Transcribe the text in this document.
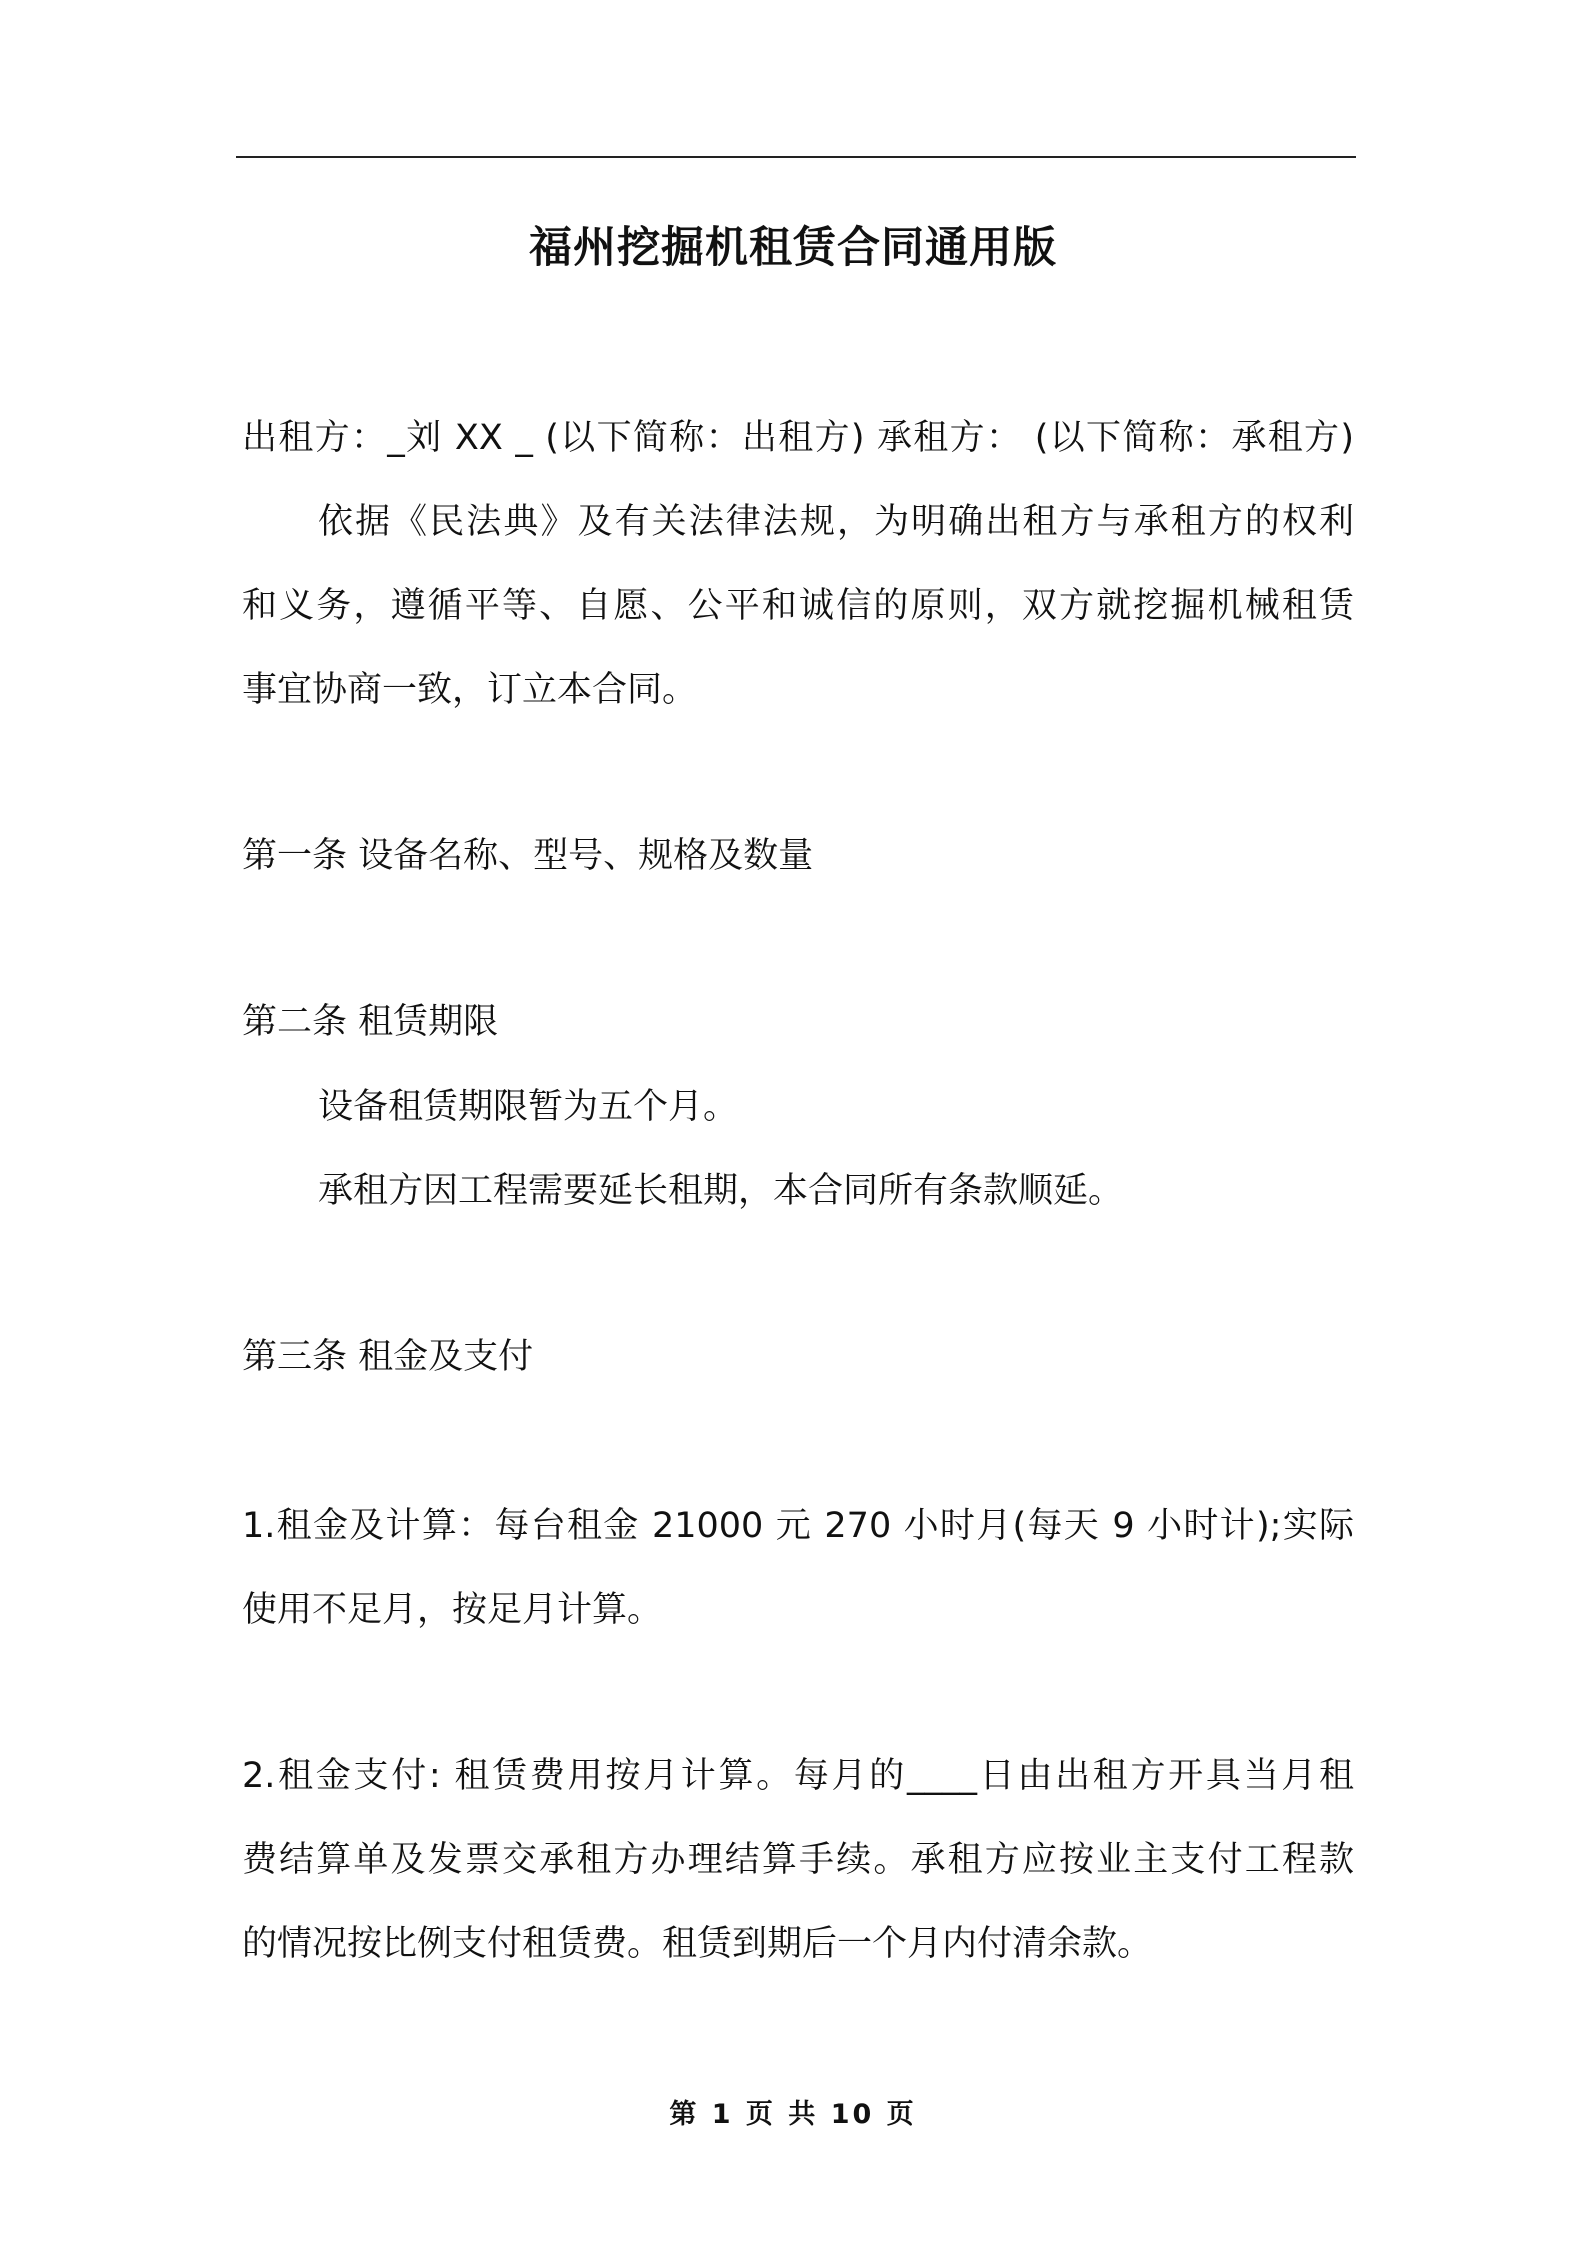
福州挖掘机租赁合同通用版
出租方：_刘 XX _ (以下简称：出租方) 承租方： (以下简称：承租方)
依据《民法典》及有关法律法规，为明确出租方与承租方的权利
和义务，遵循平等、自愿、公平和诚信的原则，双方就挖掘机械租赁
事宜协商一致，订立本合同。
第一条 设备名称、型号、规格及数量
第二条 租赁期限
设备租赁期限暂为五个月。
承租方因工程需要延长租期，本合同所有条款顺延。
第三条 租金及支付
1.租金及计算：每台租金 21000 元 270 小时月(每天 9 小时计);实际
使用不足月，按足月计算。
2.租金支付: 租赁费用按月计算。每月的____日由出租方开具当月租
费结算单及发票交承租方办理结算手续。承租方应按业主支付工程款
的情况按比例支付租赁费。租赁到期后一个月内付清余款。
第 1 页 共 10 页
